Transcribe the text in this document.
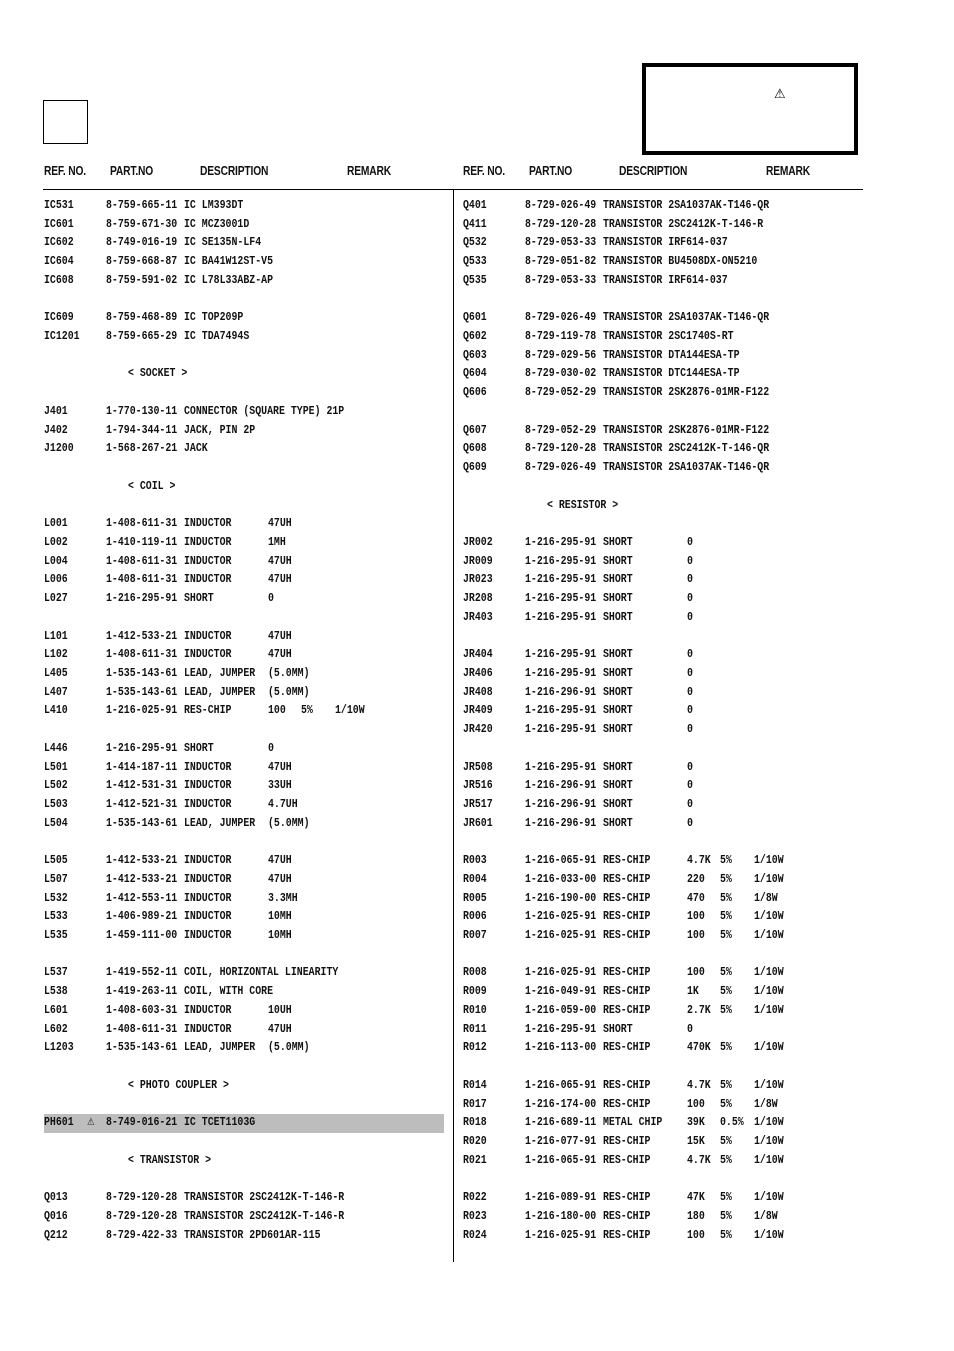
⚠
REF. NO. PART.NO	DESCRIPTION	REMARK	REF. NO. PART.NO	DESCRIPTION	REMARK
IC531	8-759-665-11 IC LM393DT
IC601	8-759-671-30 IC MCZ3001D
IC602	8-749-016-19 IC SE135N-LF4
IC604	8-759-668-87 IC BA41W12ST-V5
IC608	8-759-591-02 IC L78L33ABZ-AP
IC609	8-759-468-89 IC TOP209P
IC1201 8-759-665-29 IC TDA7494S
< SOCKET >
J401	1-770-130-11 CONNECTOR (SQUARE TYPE) 21P
J402	1-794-344-11 JACK, PIN 2P
J1200	1-568-267-21 JACK
< COIL >
L001	1-408-611-31 INDUCTOR	47UH
L002	1-410-119-11 INDUCTOR	1MH
L004	1-408-611-31 INDUCTOR	47UH
L006	1-408-611-31 INDUCTOR	47UH
L027	1-216-295-91 SHORT	0
L101	1-412-533-21 INDUCTOR	47UH
L102	1-408-611-31 INDUCTOR	47UH
L405	1-535-143-61 LEAD, JUMPER (5.0MM)
L407	1-535-143-61 LEAD, JUMPER (5.0MM)
L410	1-216-025-91 RES-CHIP	100 5% 1/10W
L446	1-216-295-91 SHORT	0
L501	1-414-187-11 INDUCTOR	47UH
L502	1-412-531-31 INDUCTOR	33UH
L503	1-412-521-31 INDUCTOR	4.7UH
L504	1-535-143-61 LEAD, JUMPER (5.0MM)
L505	1-412-533-21 INDUCTOR	47UH
L507	1-412-533-21 INDUCTOR	47UH
L532	1-412-553-11 INDUCTOR	3.3MH
L533	1-406-989-21 INDUCTOR	10MH
L535	1-459-111-00 INDUCTOR	10MH
L537	1-419-552-11 COIL, HORIZONTAL LINEARITY
L538	1-419-263-11 COIL, WITH CORE
L601	1-408-603-31 INDUCTOR	10UH
L602	1-408-611-31 INDUCTOR	47UH
L1203	1-535-143-61 LEAD, JUMPER (5.0MM)
< PHOTO COUPLER >
PH601 ⚠ 8-749-016-21 IC TCET1103G
< TRANSISTOR >
Q013	8-729-120-28 TRANSISTOR 2SC2412K-T-146-R
Q016	8-729-120-28 TRANSISTOR 2SC2412K-T-146-R
Q212	8-729-422-33 TRANSISTOR 2PD601AR-115
Q401	8-729-026-49 TRANSISTOR 2SA1037AK-T146-QR
Q411	8-729-120-28 TRANSISTOR 2SC2412K-T-146-R
Q532	8-729-053-33 TRANSISTOR IRF614-037
Q533	8-729-051-82 TRANSISTOR BU4508DX-ON5210
Q535	8-729-053-33 TRANSISTOR IRF614-037
Q601	8-729-026-49 TRANSISTOR 2SA1037AK-T146-QR
Q602	8-729-119-78 TRANSISTOR 2SC1740S-RT
Q603	8-729-029-56 TRANSISTOR DTA144ESA-TP
Q604	8-729-030-02 TRANSISTOR DTC144ESA-TP
Q606	8-729-052-29 TRANSISTOR 2SK2876-01MR-F122
Q607	8-729-052-29 TRANSISTOR 2SK2876-01MR-F122
Q608	8-729-120-28 TRANSISTOR 2SC2412K-T-146-QR
Q609	8-729-026-49 TRANSISTOR 2SA1037AK-T146-QR
< RESISTOR >
JR002	1-216-295-91 SHORT	0
JR009	1-216-295-91 SHORT	0
JR023	1-216-295-91 SHORT	0
JR208	1-216-295-91 SHORT	0
JR403	1-216-295-91 SHORT	0
JR404	1-216-295-91 SHORT	0
JR406	1-216-295-91 SHORT	0
JR408	1-216-296-91 SHORT	0
JR409	1-216-295-91 SHORT	0
JR420	1-216-295-91 SHORT	0
JR508	1-216-295-91 SHORT	0
JR516	1-216-296-91 SHORT	0
JR517	1-216-296-91 SHORT	0
JR601	1-216-296-91 SHORT	0
R003	1-216-065-91 RES-CHIP	4.7K 5% 1/10W
R004	1-216-033-00 RES-CHIP	220 5% 1/10W
R005	1-216-190-00 RES-CHIP	470 5% 1/8W
R006	1-216-025-91 RES-CHIP	100 5% 1/10W
R007	1-216-025-91 RES-CHIP	100 5% 1/10W
R008	1-216-025-91 RES-CHIP	100 5% 1/10W
R009	1-216-049-91 RES-CHIP	1K 5% 1/10W
R010	1-216-059-00 RES-CHIP	2.7K 5% 1/10W
R011	1-216-295-91 SHORT	0
R012	1-216-113-00 RES-CHIP	470K 5% 1/10W
R014	1-216-065-91 RES-CHIP	4.7K 5% 1/10W
R017	1-216-174-00 RES-CHIP	100 5% 1/8W
R018	1-216-689-11 METAL CHIP 39K 0.5% 1/10W
R020	1-216-077-91 RES-CHIP	15K 5% 1/10W
R021	1-216-065-91 RES-CHIP	4.7K 5% 1/10W
R022	1-216-089-91 RES-CHIP	47K 5% 1/10W
R023	1-216-180-00 RES-CHIP	180 5% 1/8W
R024	1-216-025-91 RES-CHIP	100 5% 1/10W
